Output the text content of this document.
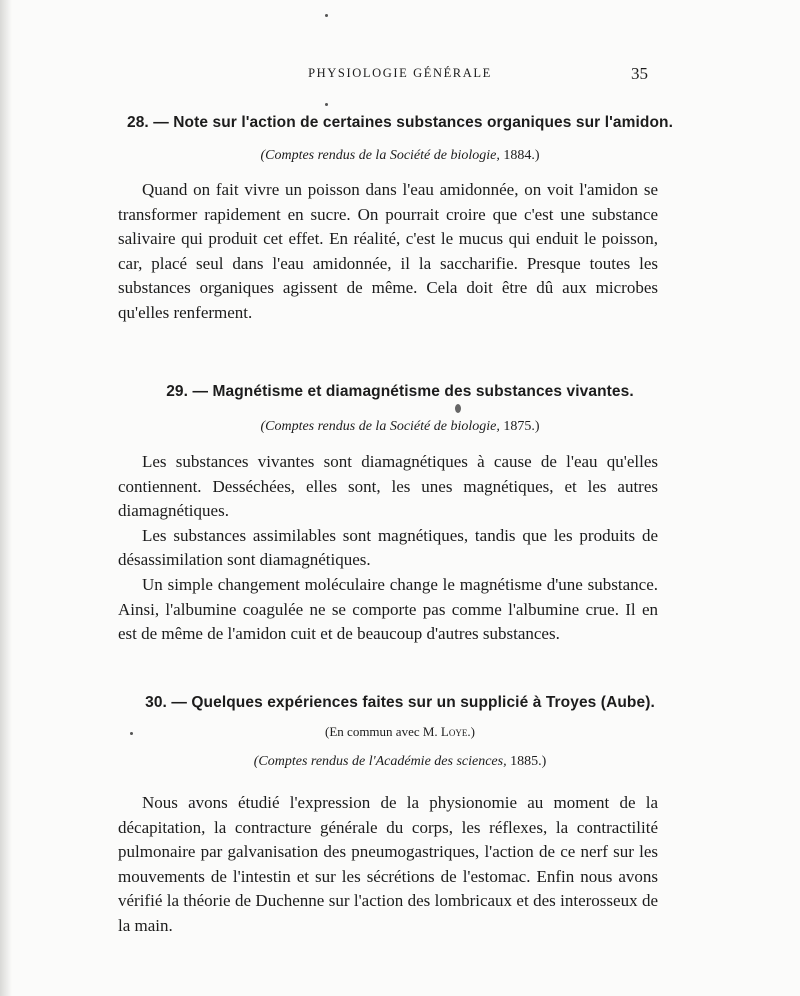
PHYSIOLOGIE GÉNÉRALE	35
28. — Note sur l'action de certaines substances organiques sur l'amidon.

(Comptes rendus de la Société de biologie, 1884.)

Quand on fait vivre un poisson dans l'eau amidonnée, on voit l'amidon se transformer rapidement en sucre. On pourrait croire que c'est une substance salivaire qui produit cet effet. En réalité, c'est le mucus qui enduit le poisson, car, placé seul dans l'eau amidonnée, il la saccharifie. Presque toutes les substances organiques agissent de même. Cela doit être dû aux microbes qu'elles renferment.

29. — Magnétisme et diamagnétisme des substances vivantes.

(Comptes rendus de la Société de biologie, 1875.)

Les substances vivantes sont diamagnétiques à cause de l'eau qu'elles contiennent. Desséchées, elles sont, les unes magnétiques, et les autres diamagnétiques.

Les substances assimilables sont magnétiques, tandis que les produits de désassimilation sont diamagnétiques.

Un simple changement moléculaire change le magnétisme d'une substance. Ainsi, l'albumine coagulée ne se comporte pas comme l'albumine crue. Il en est de même de l'amidon cuit et de beaucoup d'autres substances.

30. — Quelques expériences faites sur un supplicié à Troyes (Aube).

(En commun avec M. Loye.)

(Comptes rendus de l'Académie des sciences, 1885.)

Nous avons étudié l'expression de la physionomie au moment de la décapitation, la contracture générale du corps, les réflexes, la contractilité pulmonaire par galvanisation des pneumogastriques, l'action de ce nerf sur les mouvements de l'intestin et sur les sécrétions de l'estomac. Enfin nous avons vérifié la théorie de Duchenne sur l'action des lombricaux et des interosseux de la main.
